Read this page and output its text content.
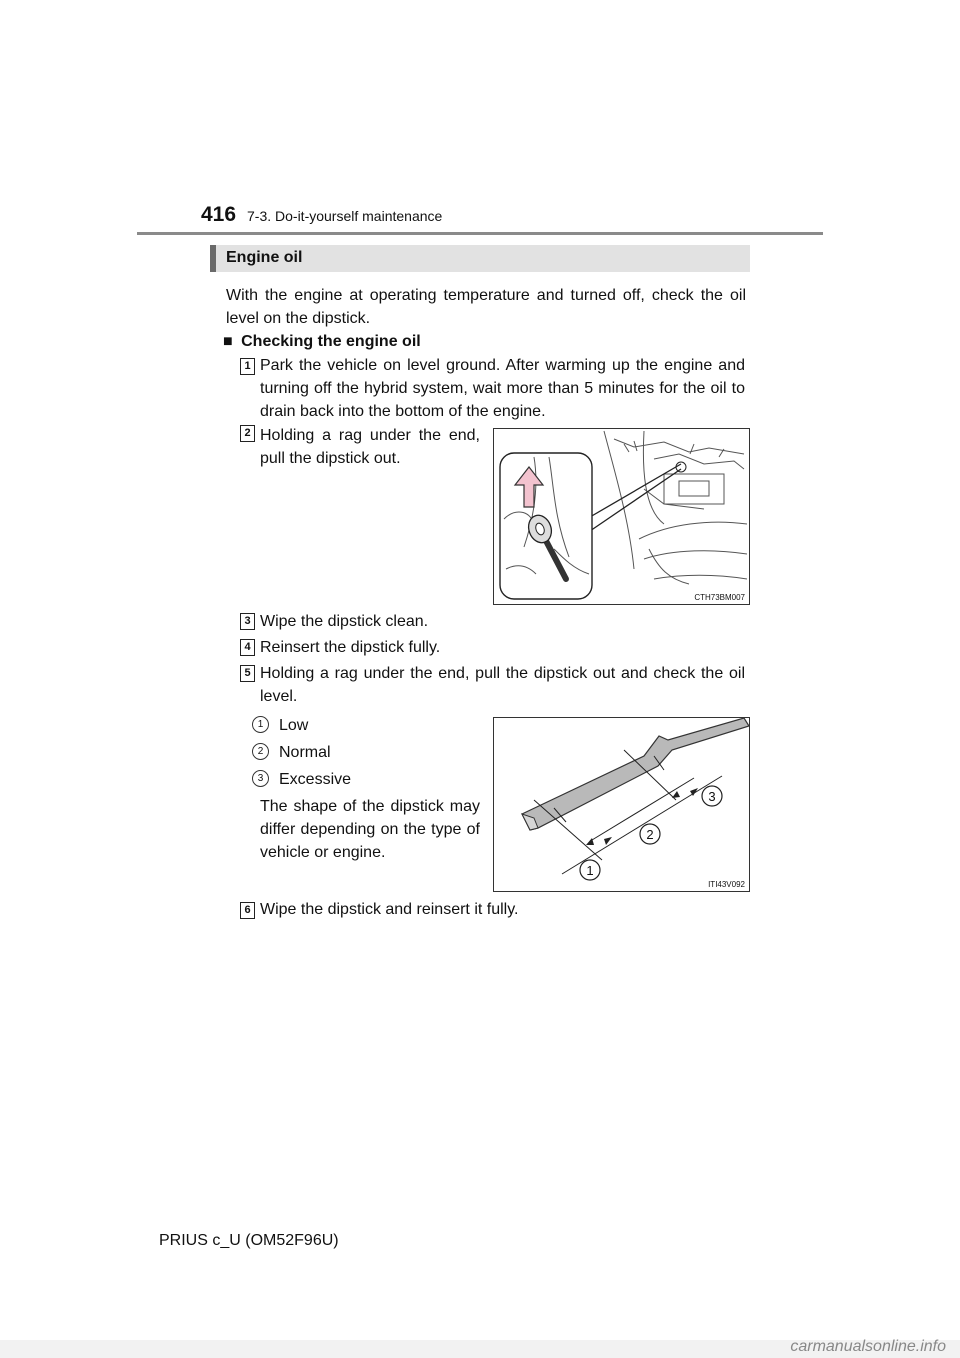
416 7-3. Do-it-yourself maintenance
Engine oil
With the engine at operating temperature and turned off, check the oil level on the dipstick.
■ Checking the engine oil
1 Park the vehicle on level ground. After warming up the engine and turning off the hybrid system, wait more than 5 minutes for the oil to drain back into the bottom of the engine.
2 Holding a rag under the end, pull the dipstick out.
CTH73BM007
3 Wipe the dipstick clean.
4 Reinsert the dipstick fully.
5 Holding a rag under the end, pull the dipstick out and check the oil level.
1 Low
2 Normal
3 Excessive
The shape of the dipstick may differ depending on the type of vehicle or engine.
1
2
3
ITI43V092
6 Wipe the dipstick and reinsert it fully.
PRIUS c_U (OM52F96U)
carmanualsonline.info
